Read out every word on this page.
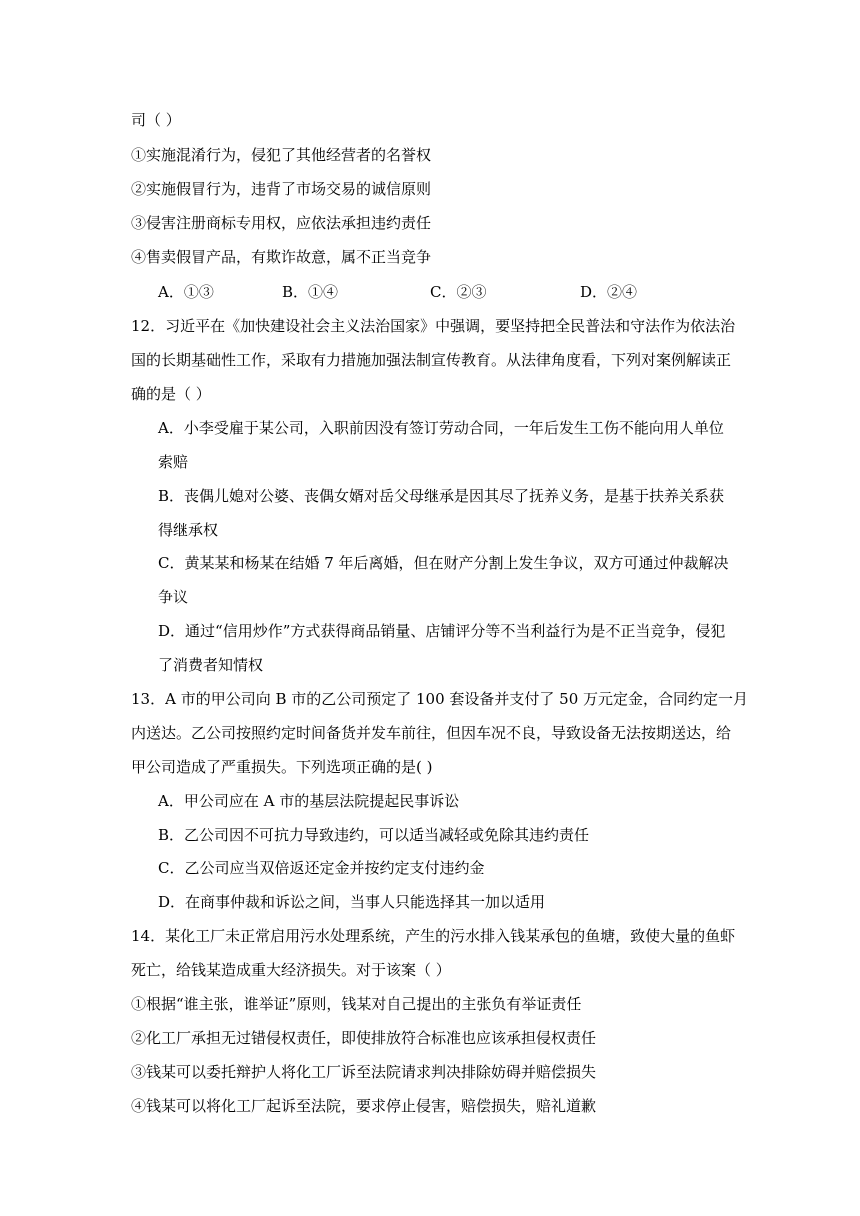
司（ ）
①实施混淆行为，侵犯了其他经营者的名誉权
②实施假冒行为，违背了市场交易的诚信原则
③侵害注册商标专用权，应依法承担违约责任
④售卖假冒产品，有欺诈故意，属不正当竞争
A．①③	B．①④	C．②③	D．②④
12．习近平在《加快建设社会主义法治国家》中强调，要坚持把全民普法和守法作为依法治
国的长期基础性工作，采取有力措施加强法制宣传教育。从法律角度看，下列对案例解读正
确的是（ ）
A．小李受雇于某公司，入职前因没有签订劳动合同，一年后发生工伤不能向用人单位
索赔
B．丧偶儿媳对公婆、丧偶女婿对岳父母继承是因其尽了抚养义务，是基于扶养关系获
得继承权
C．黄某某和杨某在结婚 7 年后离婚，但在财产分割上发生争议，双方可通过仲裁解决
争议
D．通过“信用炒作”方式获得商品销量、店铺评分等不当利益行为是不正当竞争，侵犯
了消费者知情权
13．A 市的甲公司向 B 市的乙公司预定了 100 套设备并支付了 50 万元定金，合同约定一月
内送达。乙公司按照约定时间备货并发车前往，但因车况不良，导致设备无法按期送达，给
甲公司造成了严重损失。下列选项正确的是( )
A．甲公司应在 A 市的基层法院提起民事诉讼
B．乙公司因不可抗力导致违约，可以适当减轻或免除其违约责任
C．乙公司应当双倍返还定金并按约定支付违约金
D．在商事仲裁和诉讼之间，当事人只能选择其一加以适用
14．某化工厂未正常启用污水处理系统，产生的污水排入钱某承包的鱼塘，致使大量的鱼虾
死亡，给钱某造成重大经济损失。对于该案（ ）
①根据“谁主张，谁举证”原则，钱某对自己提出的主张负有举证责任
②化工厂承担无过错侵权责任，即使排放符合标准也应该承担侵权责任
③钱某可以委托辩护人将化工厂诉至法院请求判决排除妨碍并赔偿损失
④钱某可以将化工厂起诉至法院，要求停止侵害，赔偿损失，赔礼道歉
